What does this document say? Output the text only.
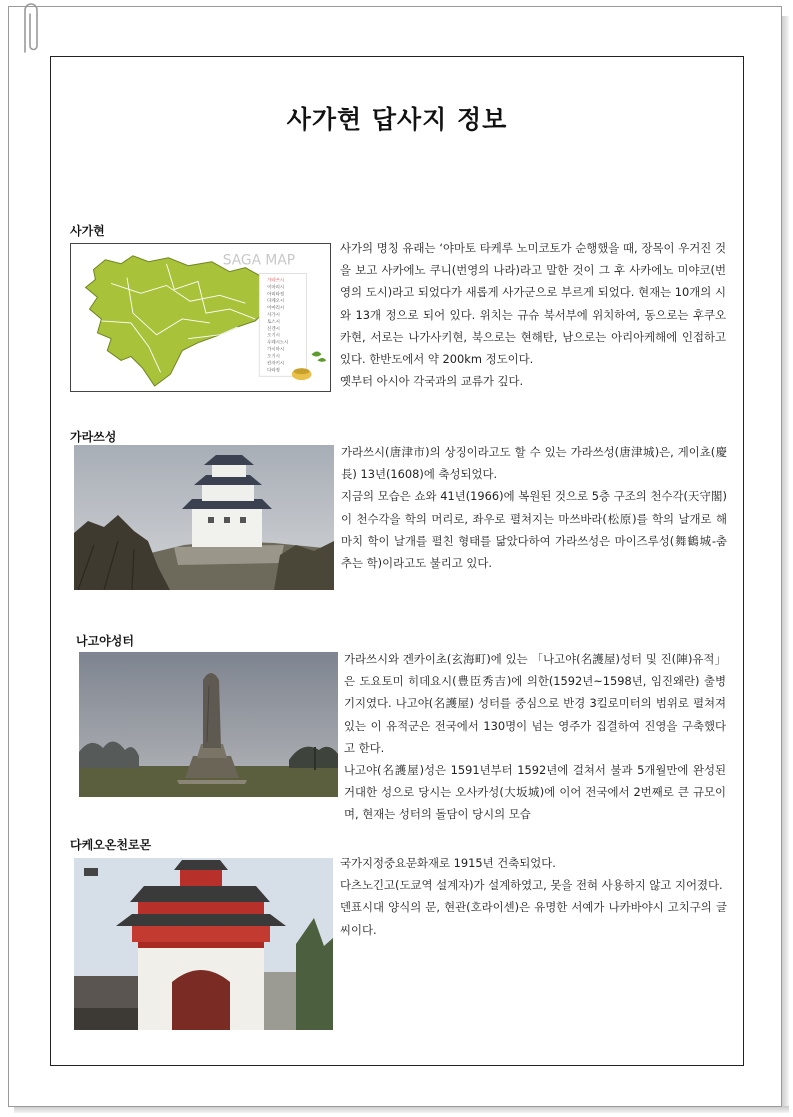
사가현 답사지 정보
사가현
SAGA MAP
가라쓰시
이마리시
아리타정
다케오시
이마리시
사가시
토스시
신겐시
오기시
우레시노시
가시마시
오기시
칸자키시
다라정

사가의 명칭 유래는 ‘야마토 타케루 노미코토가 순행했을 때, 장목이 우거진 것을 보고 사카에노 쿠니(번영의 나라)라고 말한 것이 그 후 사카에노 미야코(번영의 도시)라고 되었다가 새롭게 사가군으로 부르게 되었다. 현재는 10개의 시와 13개 정으로 되어 있다. 위치는 규슈 북서부에 위치하여, 동으로는 후쿠오카현, 서로는 나가사키현, 북으로는 현해탄, 남으로는 아리아케해에 인접하고 있다. 한반도에서 약 200km 정도이다.

옛부터 아시아 각국과의 교류가 깊다.

가라쓰성

가라쓰시(唐津市)의 상징이라고도 할 수 있는 가라쓰성(唐津城)은, 게이쵸(慶長) 13년(1608)에 축성되었다.

지금의 모습은 쇼와 41년(1966)에 복원된 것으로 5층 구조의 천수각(天守閣) 이 천수각을 학의 머리로, 좌우로 펼쳐지는 마쓰바라(松原)를 학의 날개로 해 마치 학이 날개를 펼친 형태를 닮았다하여 가라쓰성은 마이즈루성(舞鶴城-춤추는 학)이라고도 불리고 있다.

나고야성터

가라쓰시와 겐카이초(玄海町)에 있는 「나고야(名護屋)성터 및 진(陣)유적」은 도요토미 히데요시(豊臣秀吉)에 의한(1592년~1598년, 임진왜란) 출병 기지였다. 나고야(名護屋) 성터를 중심으로 반경 3킬로미터의 범위로 펼쳐져 있는 이 유적군은 전국에서 130명이 넘는 영주가 집결하여 진영을 구축했다고 한다.

나고야(名護屋)성은 1591년부터 1592년에 걸쳐서 불과 5개월만에 완성된 거대한 성으로 당시는 오사카성(大坂城)에 이어 전국에서 2번째로 큰 규모이며, 현재는 성터의 돌담이 당시의 모습

다케오온천로몬

국가지정중요문화재로 1915년 건축되었다.

다츠노긴고(도쿄역 설계자)가 설계하였고, 못을 전혀 사용하지 않고 지어졌다.

덴표시대 양식의 문, 현관(호라이센)은 유명한 서예가 나카바야시 고치구의 글씨이다.
